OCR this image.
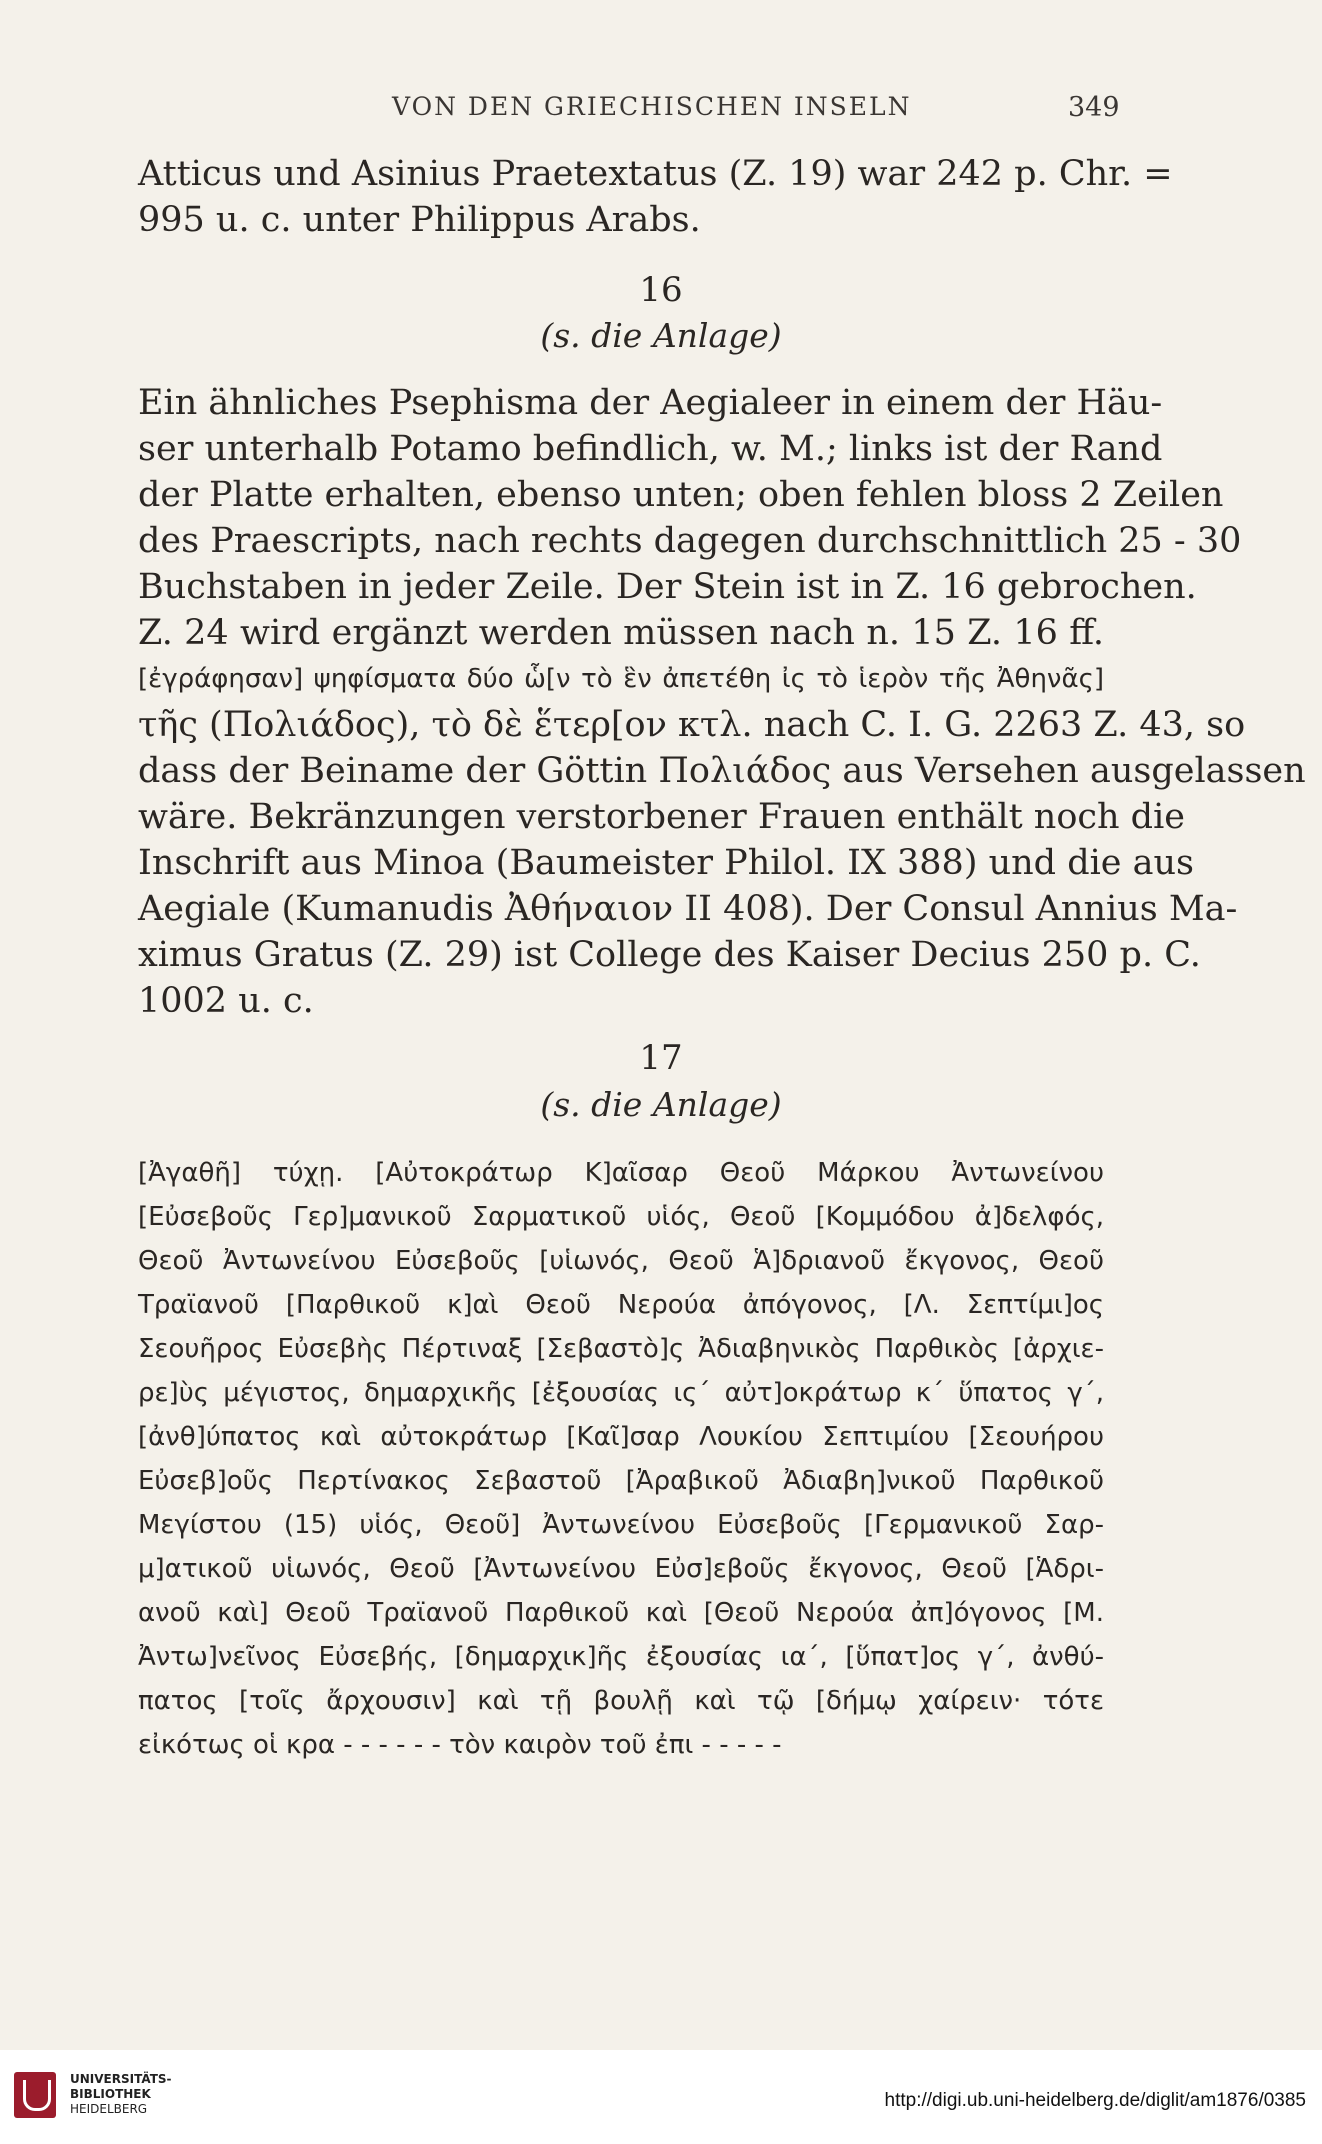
VON DEN GRIECHISCHEN INSELN	349
Atticus und Asinius Praetextatus (Z. 19) war 242 p. Chr. =
995 u. c. unter Philippus Arabs.
16
(s. die Anlage)
Ein ähnliches Psephisma der Aegialeer in einem der Häu-
ser unterhalb Potamo befindlich, w. M.; links ist der Rand
der Platte erhalten, ebenso unten; oben fehlen bloss 2 Zeilen
des Praescripts, nach rechts dagegen durchschnittlich 25 - 30
Buchstaben in jeder Zeile. Der Stein ist in Z. 16 gebrochen.
Z. 24 wird ergänzt werden müssen nach n. 15 Z. 16 ff.
[ἐγράφησαν] ψηφίσματα δύο ὧ[ν τὸ ἓν ἀπετέθη ἰς τὸ ἱερὸν τῆς Ἀθηνᾶς]
τῆς (Πολιάδος), τὸ δὲ ἕτερ[ον κτλ. nach C. I. G. 2263 Z. 43, so
dass der Beiname der Göttin Πολιάδος aus Versehen ausgelassen
wäre. Bekränzungen verstorbener Frauen enthält noch die
Inschrift aus Minoa (Baumeister Philol. IX 388) und die aus
Aegiale (Kumanudis Ἀθήναιον II 408). Der Consul Annius Ma-
ximus Gratus (Z. 29) ist College des Kaiser Decius 250 p. C.
1002 u. c.
17
(s. die Anlage)
[Ἀγαθῆ] τύχῃ. [Αὐτοκράτωρ Κ]αῖσαρ Θεοῦ Μάρκου Ἀντωνείνου
[Εὐσεβοῦς Γερ]μανικοῦ Σαρματικοῦ υἱός, Θεοῦ [Κομμόδου ἀ]δελφός,
Θεοῦ Ἀντωνείνου Εὐσεβοῦς [υἱωνός, Θεοῦ Ἁ]δριανοῦ ἔκγονος, Θεοῦ
Τραϊανοῦ [Παρθικοῦ κ]αὶ Θεοῦ Νερούα ἀπόγονος, [Λ. Σεπτίμι]ος
Σεουῆρος Εὐσεβὴς Πέρτιναξ [Σεβαστὸ]ς Ἀδιαβηνικὸς Παρθικὸς [ἀρχιε-
ρε]ὺς μέγιστος, δημαρχικῆς [ἐξουσίας ις´ αὐτ]οκράτωρ κ´ ὕπατος γ´,
[ἀνθ]ύπατος καὶ αὐτοκράτωρ [Καῖ]σαρ Λουκίου Σεπτιμίου [Σεουήρου
Εὐσεβ]οῦς Περτίνακος Σεβαστοῦ [Ἀραβικοῦ Ἀδιαβη]νικοῦ Παρθικοῦ
Μεγίστου (15) υἱός, Θεοῦ] Ἀντωνείνου Εὐσεβοῦς [Γερμανικοῦ Σαρ-
μ]ατικοῦ υἱωνός, Θεοῦ [Ἀντωνείνου Εὐσ]εβοῦς ἔκγονος, Θεοῦ [Ἁδρι-
ανοῦ καὶ] Θεοῦ Τραϊανοῦ Παρθικοῦ καὶ [Θεοῦ Νερούα ἀπ]όγονος [Μ.
Ἀντω]νεῖνος Εὐσεβής, [δημαρχικ]ῆς ἐξουσίας ια´, [ὕπατ]ος γ´, ἀνθύ-
πατος [τοῖς ἄρχουσιν] καὶ τῇ βουλῇ καὶ τῷ [δήμῳ χαίρειν· τότε
εἰκότως οἱ κρα - - - - - - τὸν καιρὸν τοῦ ἐπι - - - - -
UNIVERSITÄTS-
BIBLIOTHEK
HEIDELBERG	http://digi.ub.uni-heidelberg.de/diglit/am1876/0385
